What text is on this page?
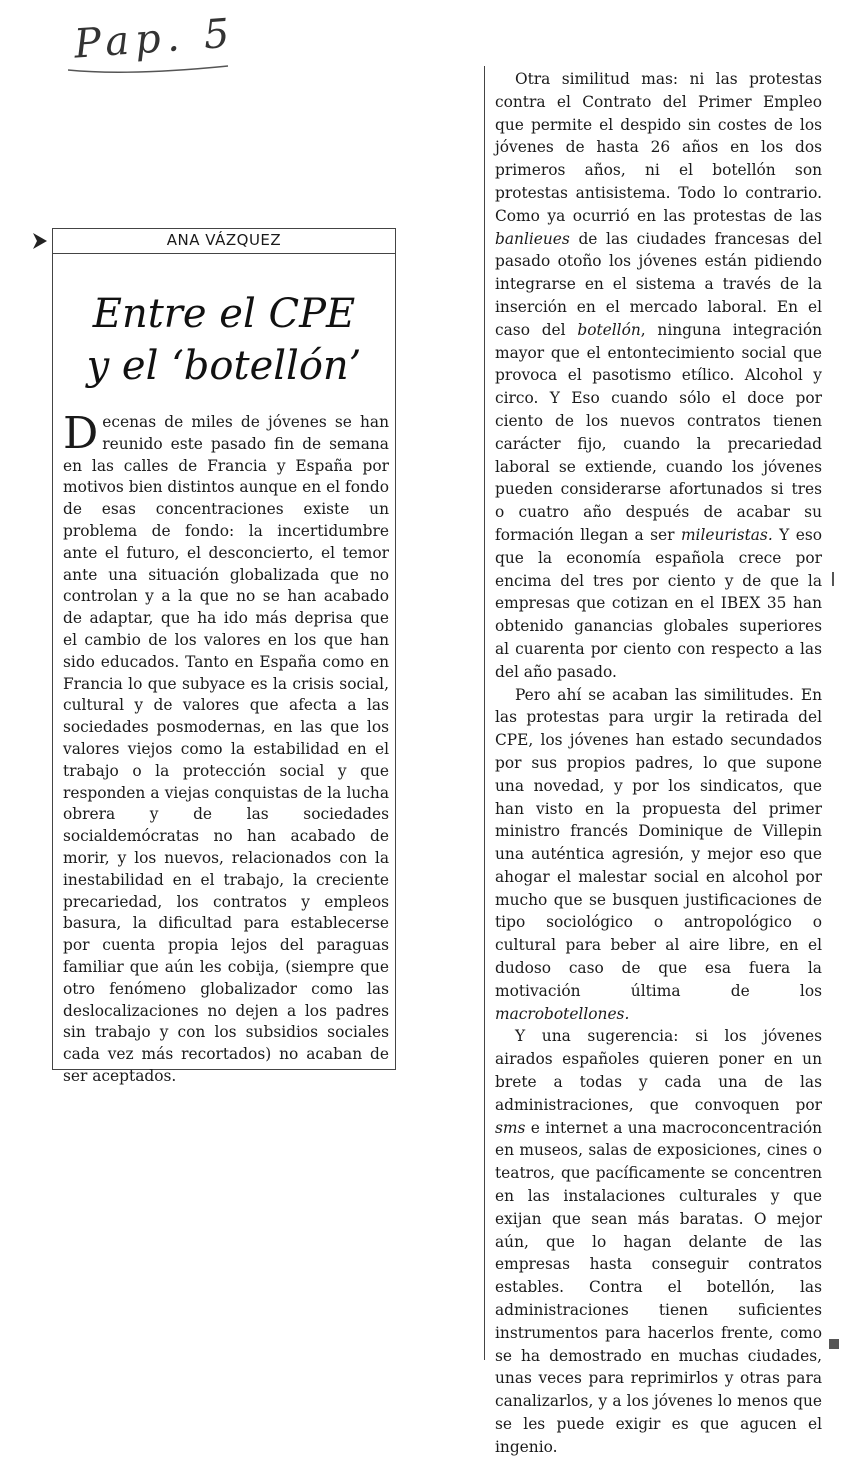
Pap. 5
ANA VÁZQUEZ
Entre el CPE
y el ‘botellón’

Decenas de miles de jóvenes se han reunido este pasado fin de semana en las calles de Francia y España por motivos bien distintos aunque en el fondo de esas concentraciones existe un problema de fondo: la incertidumbre ante el futuro, el desconcierto, el temor ante una situación globalizada que no controlan y a la que no se han acabado de adaptar, que ha ido más deprisa que el cambio de los valores en los que han sido educados. Tanto en España como en Francia lo que subyace es la crisis social, cultural y de valores que afecta a las sociedades posmodernas, en las que los valores viejos como la estabilidad en el trabajo o la protección social y que responden a viejas conquistas de la lucha obrera y de las sociedades socialdemócratas no han acabado de morir, y los nuevos, relacionados con la inestabilidad en el trabajo, la creciente precariedad, los contratos y empleos basura, la dificultad para establecerse por cuenta propia lejos del paraguas familiar que aún les cobija, (siempre que otro fenómeno globalizador como las deslocalizaciones no dejen a los padres sin trabajo y con los subsidios sociales cada vez más recortados) no acaban de ser aceptados.

Otra similitud mas: ni las protestas contra el Contrato del Primer Empleo que permite el despido sin costes de los jóvenes de hasta 26 años en los dos primeros años, ni el botellón son protestas antisistema. Todo lo contrario. Como ya ocurrió en las protestas de las banlieues de las ciudades francesas del pasado otoño los jóvenes están pidiendo integrarse en el sistema a través de la inserción en el mercado laboral. En el caso del botellón, ninguna integración mayor que el entontecimiento social que provoca el pasotismo etílico. Alcohol y circo. Y Eso cuando sólo el doce por ciento de los nuevos contratos tienen carácter fijo, cuando la precariedad laboral se extiende, cuando los jóvenes pueden considerarse afortunados si tres o cuatro año después de acabar su formación llegan a ser mileuristas. Y eso que la economía española crece por encima del tres por ciento y de que la empresas que cotizan en el IBEX 35 han obtenido ganancias globales superiores al cuarenta por ciento con respecto a las del año pasado.

Pero ahí se acaban las similitudes. En las protestas para urgir la retirada del CPE, los jóvenes han estado secundados por sus propios padres, lo que supone una novedad, y por los sindicatos, que han visto en la propuesta del primer ministro francés Dominique de Villepin una auténtica agresión, y mejor eso que ahogar el malestar social en alcohol por mucho que se busquen justificaciones de tipo sociológico o antropológico o cultural para beber al aire libre, en el dudoso caso de que esa fuera la motivación última de los macrobotellones.

Y una sugerencia: si los jóvenes airados españoles quieren poner en un brete a todas y cada una de las administraciones, que convoquen por sms e internet a una macroconcentración en museos, salas de exposiciones, cines o teatros, que pacíficamente se concentren en las instalaciones culturales y que exijan que sean más baratas. O mejor aún, que lo hagan delante de las empresas hasta conseguir contratos estables. Contra el botellón, las administraciones tienen suficientes instrumentos para hacerlos frente, como se ha demostrado en muchas ciudades, unas veces para reprimirlos y otras para canalizarlos, y a los jóvenes lo menos que se les puede exigir es que agucen el ingenio.
